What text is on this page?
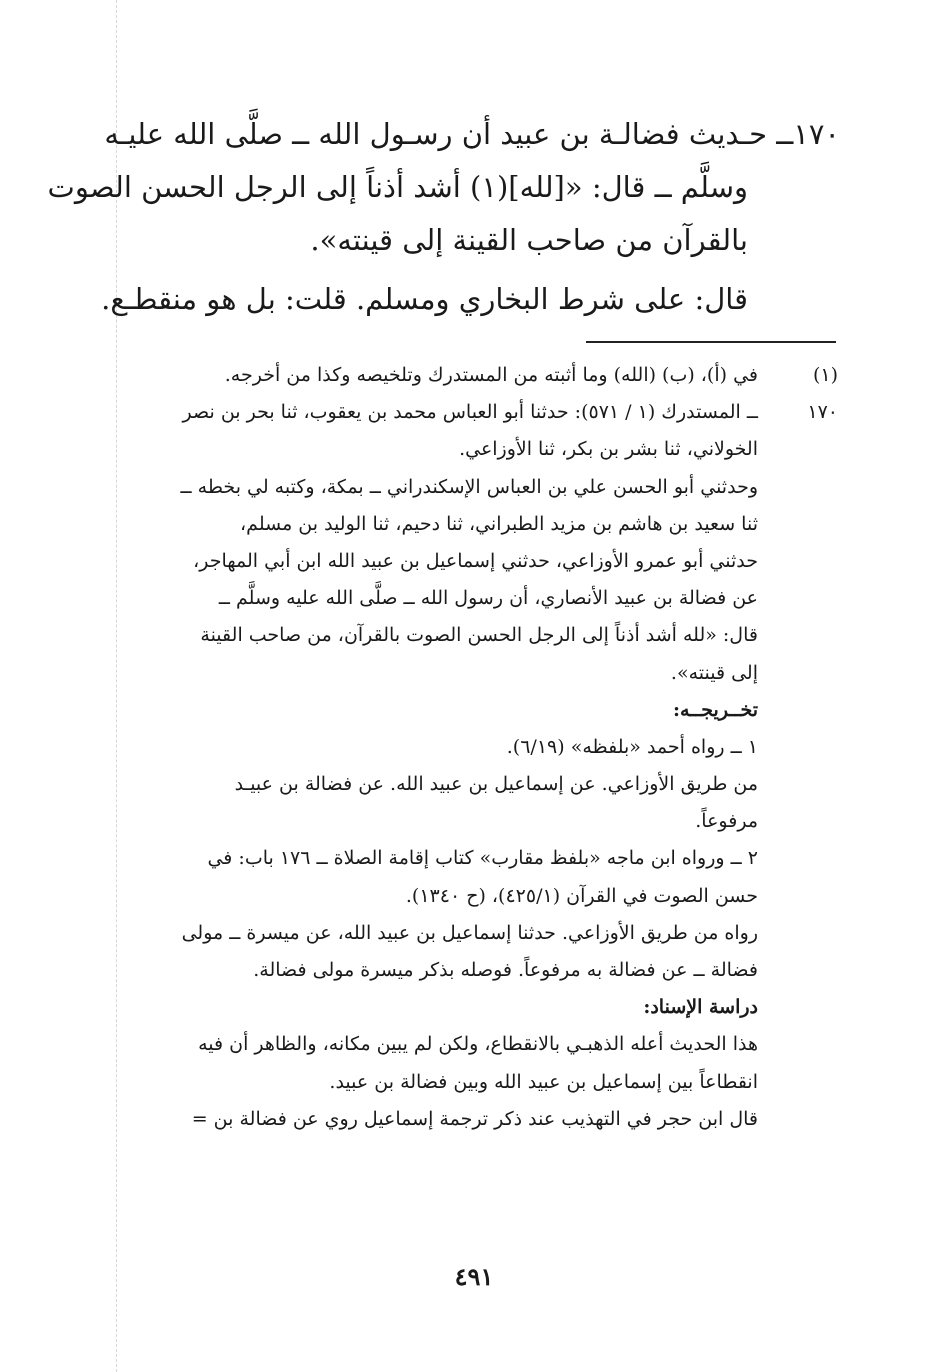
١٧٠ــ حـديث فضالـة بن عبيد أن رسـول الله ــ صلَّى الله عليـه
وسلَّم ــ قال: «[لله](١) أشد أذناً إلى الرجل الحسن الصوت
بالقرآن من صاحب القينة إلى قينته».
قال: على شرط البخاري ومسلم. قلت: بل هو منقطـع.
(١)في (أ)، (ب) (الله) وما أثبته من المستدرك وتلخيصه وكذا من أخرجه.
١٧٠ــ المستدرك (١ / ٥٧١): حدثنا أبو العباس محمد بن يعقوب، ثنا بحر بن نصر
الخولاني، ثنا بشر بن بكر، ثنا الأوزاعي.
وحدثني أبو الحسن علي بن العباس الإسكندراني ــ بمكة، وكتبه لي بخطه ــ
ثنا سعيد بن هاشم بن مزيد الطبراني، ثنا دحيم، ثنا الوليد بن مسلم،
حدثني أبو عمرو الأوزاعي، حدثني إسماعيل بن عبيد الله ابن أبي المهاجر،
عن فضالة بن عبيد الأنصاري، أن رسول الله ــ صلَّى الله عليه وسلَّم ــ
قال: «لله أشد أذناً إلى الرجل الحسن الصوت بالقرآن، من صاحب القينة
إلى قينته».
تخــريجــه:
١ ــ رواه أحمد «بلفظه» (٦/١٩).
من طريق الأوزاعي. عن إسماعيل بن عبيد الله. عن فضالة بن عبيـد
مرفوعاً.
٢ ــ ورواه ابن ماجه «بلفظ مقارب» كتاب إقامة الصلاة ــ ١٧٦ باب: في
حسن الصوت في القرآن (٤٢٥/١)، (ح ١٣٤٠).
رواه من طريق الأوزاعي. حدثنا إسماعيل بن عبيد الله، عن ميسرة ــ مولى
فضالة ــ عن فضالة به مرفوعاً. فوصله بذكر ميسرة مولى فضالة.
دراسة الإسناد:
هذا الحديث أعله الذهبـي بالانقطاع، ولكن لم يبين مكانه، والظاهر أن فيه
انقطاعاً بين إسماعيل بن عبيد الله وبين فضالة بن عبيد.
قال ابن حجر في التهذيب عند ذكر ترجمة إسماعيل روي عن فضالة بن =
٤٩١
